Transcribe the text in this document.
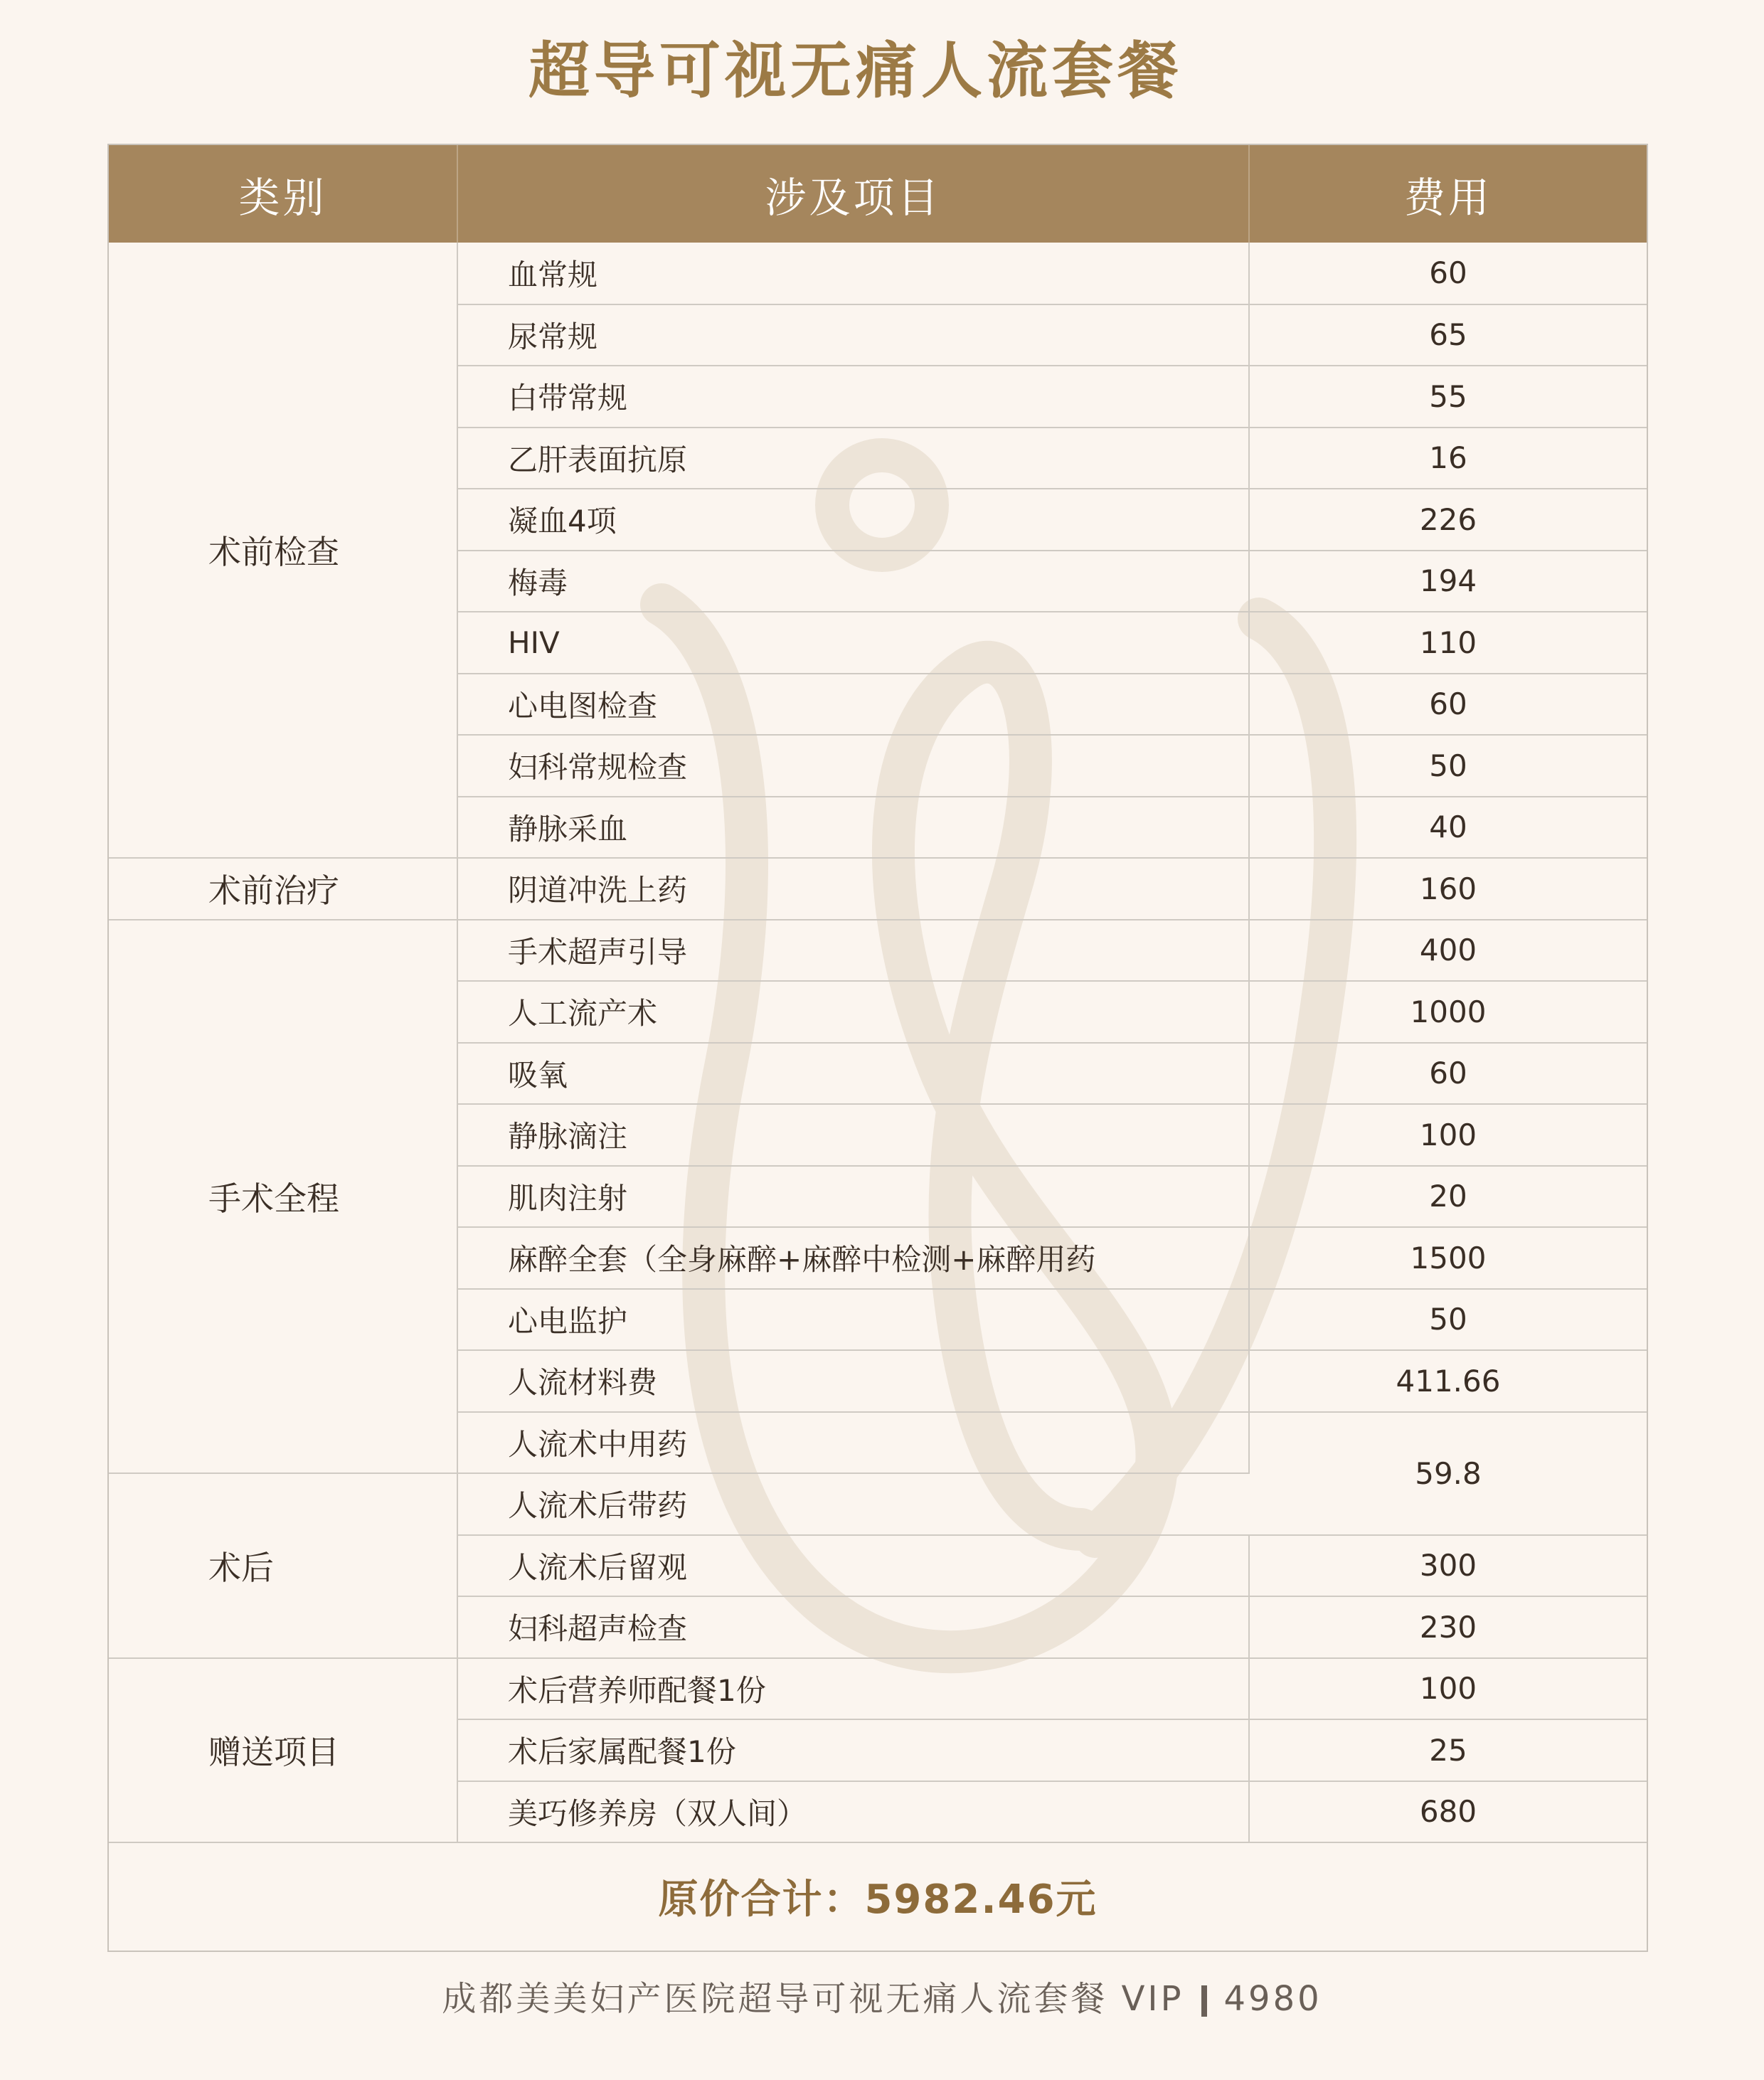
超导可视无痛人流套餐
类别	涉及项目	费用
术前检查	血常规	60
	尿常规	65
	白带常规	55
	乙肝表面抗原	16
	凝血4项	226
	梅毒	194
	HIV	110
	心电图检查	60
	妇科常规检查	50
	静脉采血	40
术前治疗	阴道冲洗上药	160
手术全程	手术超声引导	400
	人工流产术	1000
	吸氧	60
	静脉滴注	100
	肌肉注射	20
	麻醉全套（全身麻醉+麻醉中检测+麻醉用药	1500
	心电监护	50
	人流材料费	411.66
	人流术中用药	59.8
术后	人流术后带药	
	人流术后留观	300
	妇科超声检查	230
赠送项目	术后营养师配餐1份	100
	术后家属配餐1份	25
	美巧修养房（双人间）	680
原价合计：5982.46元
成都美美妇产医院超导可视无痛人流套餐 VIP 4980
